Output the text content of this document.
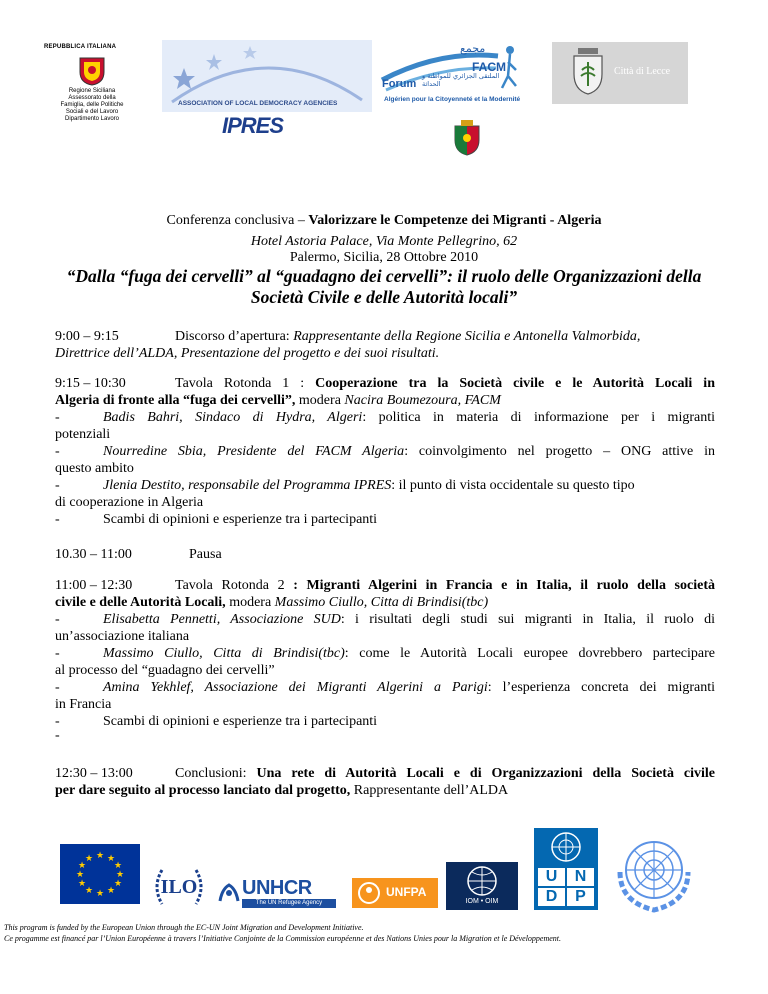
REPUBBLICA ITALIANA
Regione Siciliana
Assessorato della
Famiglia, delle Politiche
Sociali e del Lavoro
Dipartimento Lavoro
ASSOCIATION OF LOCAL DEMOCRACY AGENCIES
IPRES
مجمع
FACM
Forum
الملتقى الجزائري للمواطنة و الحداثة
Algérien pour la Citoyenneté et la Modernité
Città di Lecce
Conferenza conclusiva – Valorizzare le Competenze dei Migranti - Algeria
Hotel Astoria Palace, Via Monte Pellegrino, 62
Palermo, Sicilia, 28 Ottobre 2010
“Dalla “fuga dei cervelli” al “guadagno dei cervelli”: il ruolo delle Organizzazioni della
Società Civile e delle Autorità locali”
9:00 – 9:15	Discorso d’apertura: Rappresentante della Regione Sicilia e Antonella Valmorbida,
Direttrice dell’ALDA, Presentazione del progetto e dei suoi risultati.
9:15 – 10:30	Tavola Rotonda 1 : Cooperazione tra la Società civile e le Autorità Locali in
Algeria di fronte alla “fuga dei cervelli”, modera Nacira Boumezoura, FACM
-	Badis Bahri, Sindaco di Hydra, Algeri: politica in materia di informazione per i migranti
potenziali
-	Nourredine Sbia, Presidente del FACM Algeria: coinvolgimento nel progetto – ONG attive in
questo ambito
-	Jlenia Destito, responsabile del Programma IPRES: il punto di vista occidentale su questo tipo
di cooperazione in Algeria
-	Scambi di opinioni e esperienze tra i partecipanti
10.30 – 11:00	Pausa
11:00 – 12:30	Tavola Rotonda 2 : Migranti Algerini in Francia e in Italia, il ruolo della società
civile e delle Autorità Locali, modera Massimo Ciullo, Citta di Brindisi(tbc)
-	Elisabetta Pennetti, Associazione SUD: i risultati degli studi sui migranti in Italia, il ruolo di
un’associazione italiana
-	Massimo Ciullo, Citta di Brindisi(tbc): come le Autorità Locali europee dovrebbero partecipare
al processo del “guadagno dei cervelli”
-	Amina Yekhlef, Associazione dei Migranti Algerini a Parigi: l’esperienza concreta dei migranti
in Francia
-	Scambi di opinioni e esperienze tra i partecipanti
-
12:30 – 13:00	Conclusioni: Una rete di Autorità Locali e di Organizzazioni della Società civile
per dare seguito al processo lanciato dal progetto, Rappresentante dell’ALDA
★ ★
★
★
★
★
★
★
★
★
★
★
ILO	UNHCR
The UN Refugee Agency
UNFPA
IOM • OIM
U	N
D	P
This program is funded by the European Union through the EC-UN Joint Migration and Development Initiative.
Ce progamme est financé par l’Union Européenne à travers l’Initiative Conjointe de la Commission européenne et des Nations Unies pour la Migration et le Développement.
